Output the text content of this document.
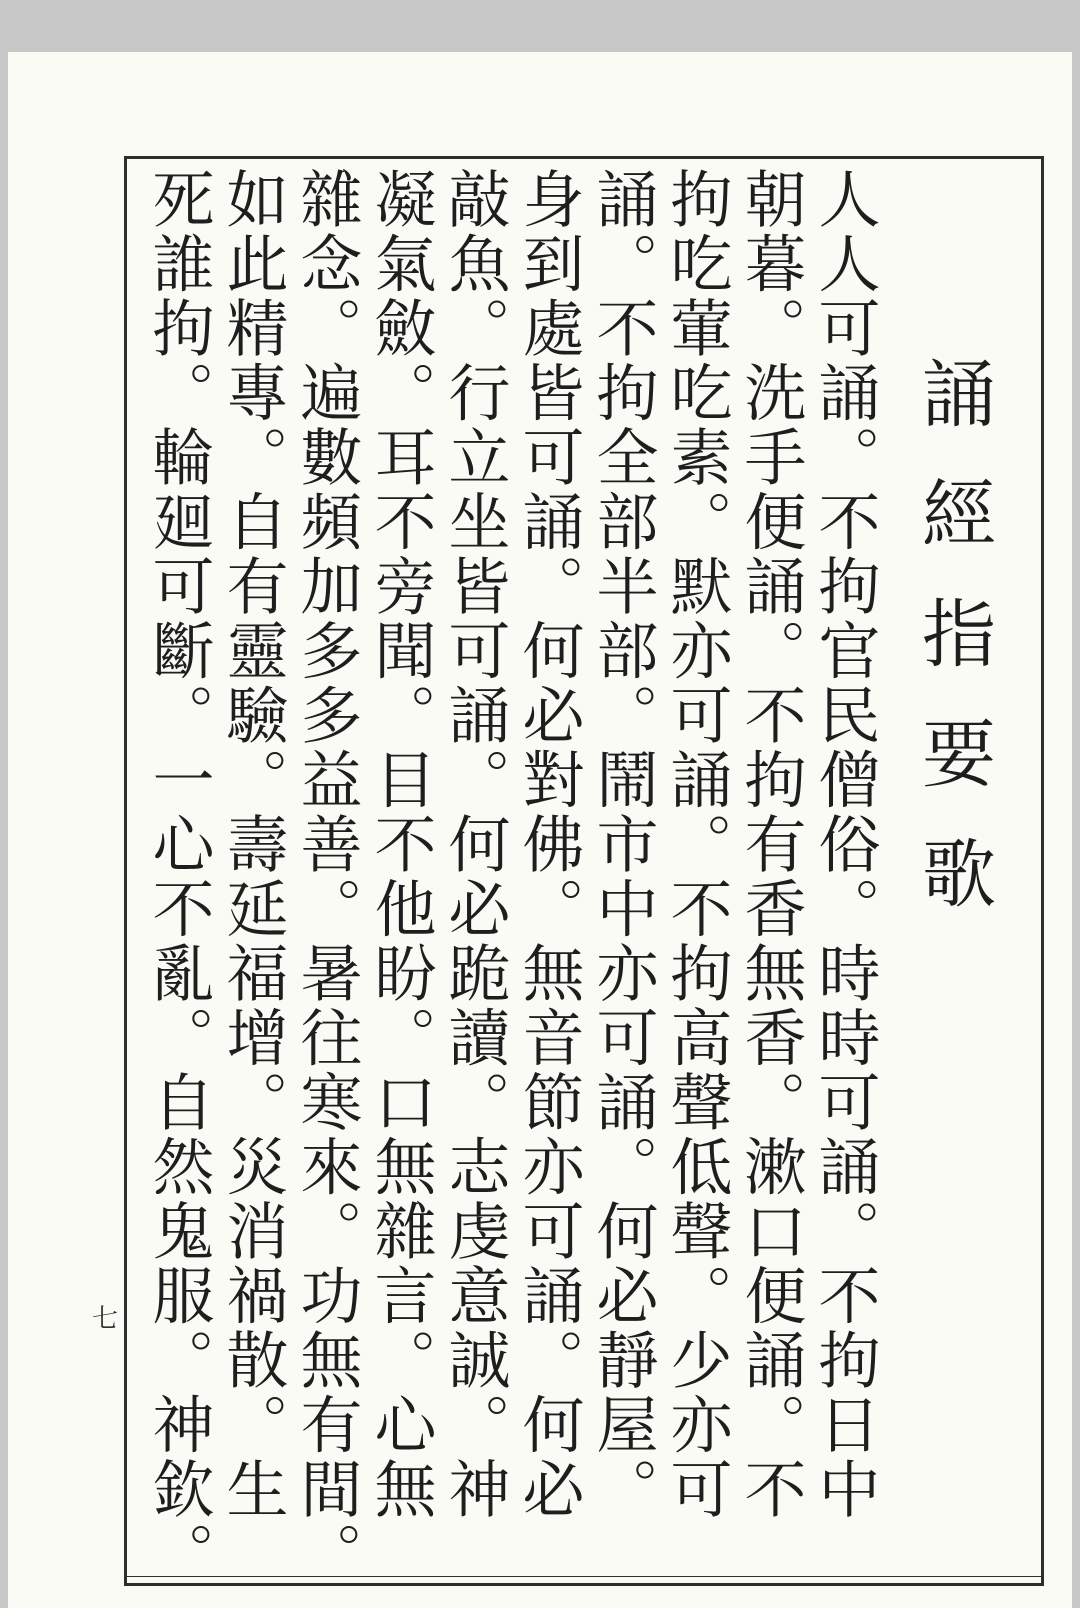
誦經指要歌
人人可誦。不拘官民僧俗。時時可誦。不拘日中
朝暮。洗手便誦。不拘有香無香。漱口便誦。不
拘吃葷吃素。默亦可誦。不拘高聲低聲。少亦可
誦。不拘全部半部。鬧市中亦可誦。何必靜屋。
身到處皆可誦。何必對佛。無音節亦可誦。何必
敲魚。行立坐皆可誦。何必跪讀。志虔意誠。神
凝氣斂。耳不旁聞。目不他盼。口無雜言。心無
雜念。遍數頻加多多益善。暑往寒來。功無有間。
如此精專。自有靈驗。壽延福增。災消禍散。生
死誰拘。輪廻可斷。一心不亂。自然鬼服。神欽。
七
